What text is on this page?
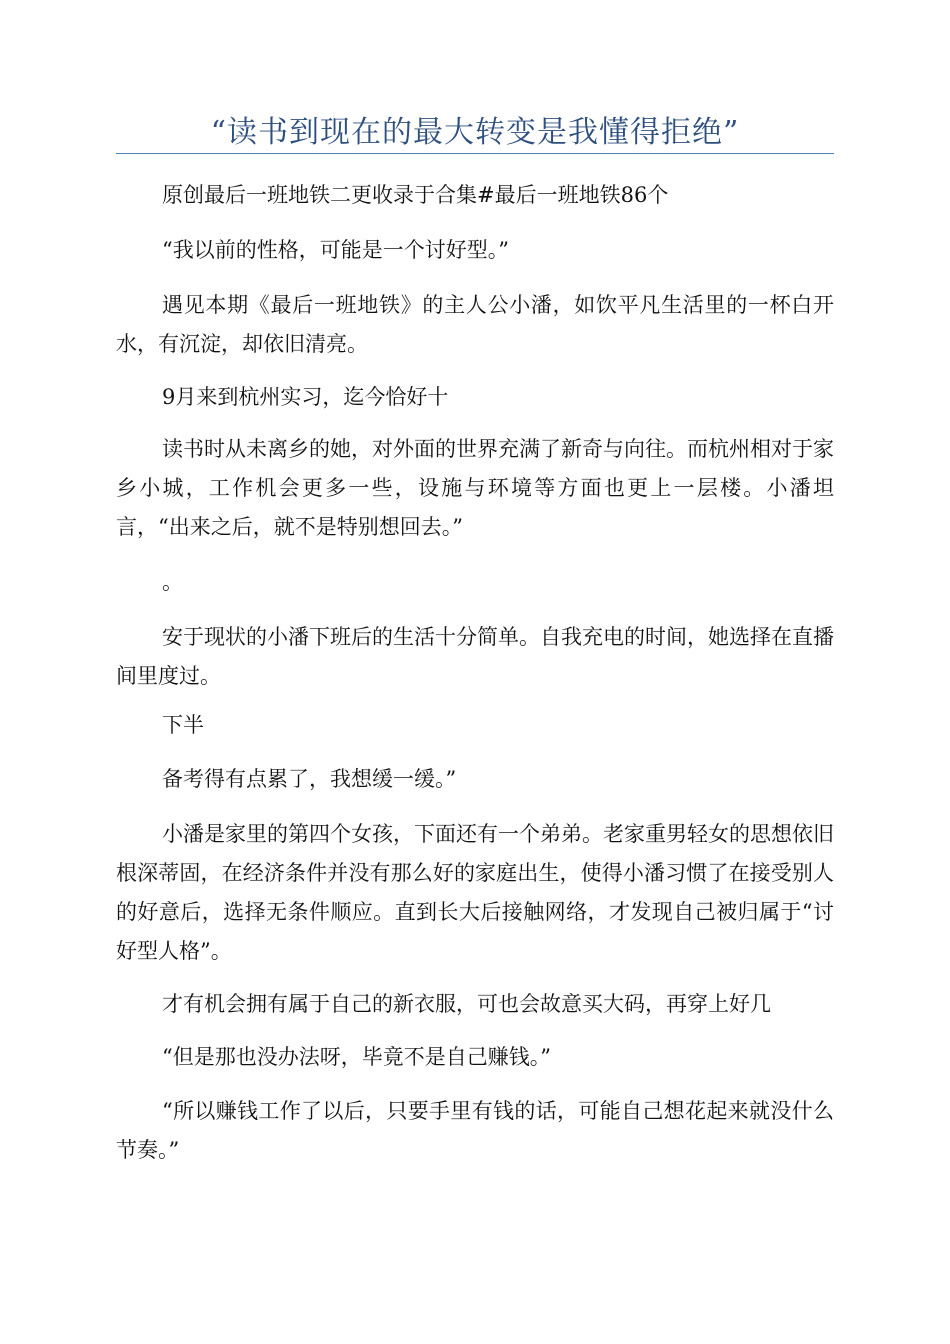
“读书到现在的最大转变是我懂得拒绝”

原创最后一班地铁二更收录于合集#最后一班地铁86个

“我以前的性格，可能是一个讨好型。”

遇见本期《最后一班地铁》的主人公小潘，如饮平凡生活里的一杯白开水，有沉淀，却依旧清亮。

9月来到杭州实习，迄今恰好十

读书时从未离乡的她，对外面的世界充满了新奇与向往。而杭州相对于家乡小城，工作机会更多一些，设施与环境等方面也更上一层楼。小潘坦言，“出来之后，就不是特别想回去。”

。

安于现状的小潘下班后的生活十分简单。自我充电的时间，她选择在直播间里度过。

下半

备考得有点累了，我想缓一缓。”

小潘是家里的第四个女孩，下面还有一个弟弟。老家重男轻女的思想依旧根深蒂固，在经济条件并没有那么好的家庭出生，使得小潘习惯了在接受别人的好意后，选择无条件顺应。直到长大后接触网络，才发现自己被归属于“讨好型人格”。

才有机会拥有属于自己的新衣服，可也会故意买大码，再穿上好几

“但是那也没办法呀，毕竟不是自己赚钱。”

“所以赚钱工作了以后，只要手里有钱的话，可能自己想花起来就没什么节奏。”
